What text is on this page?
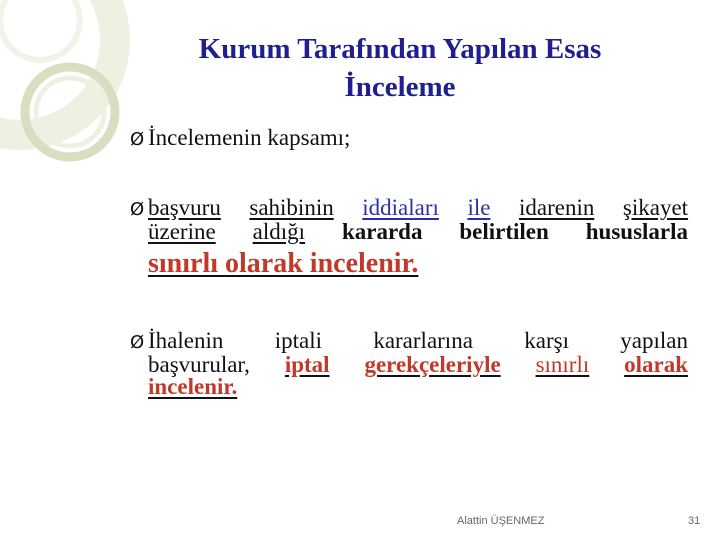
Kurum Tarafından Yapılan Esas
İnceleme
Ø İncelemenin kapsamı;
Ø başvuru sahibinin iddiaları ile idarenin şikayet
üzerine aldığı kararda belirtilen hususlarla
sınırlı olarak incelenir.
Ø İhalenin iptali kararlarına karşı yapılan
başvurular, iptal gerekçeleriyle sınırlı olarak
incelenir.
Alattin ÜŞENMEZ	31
